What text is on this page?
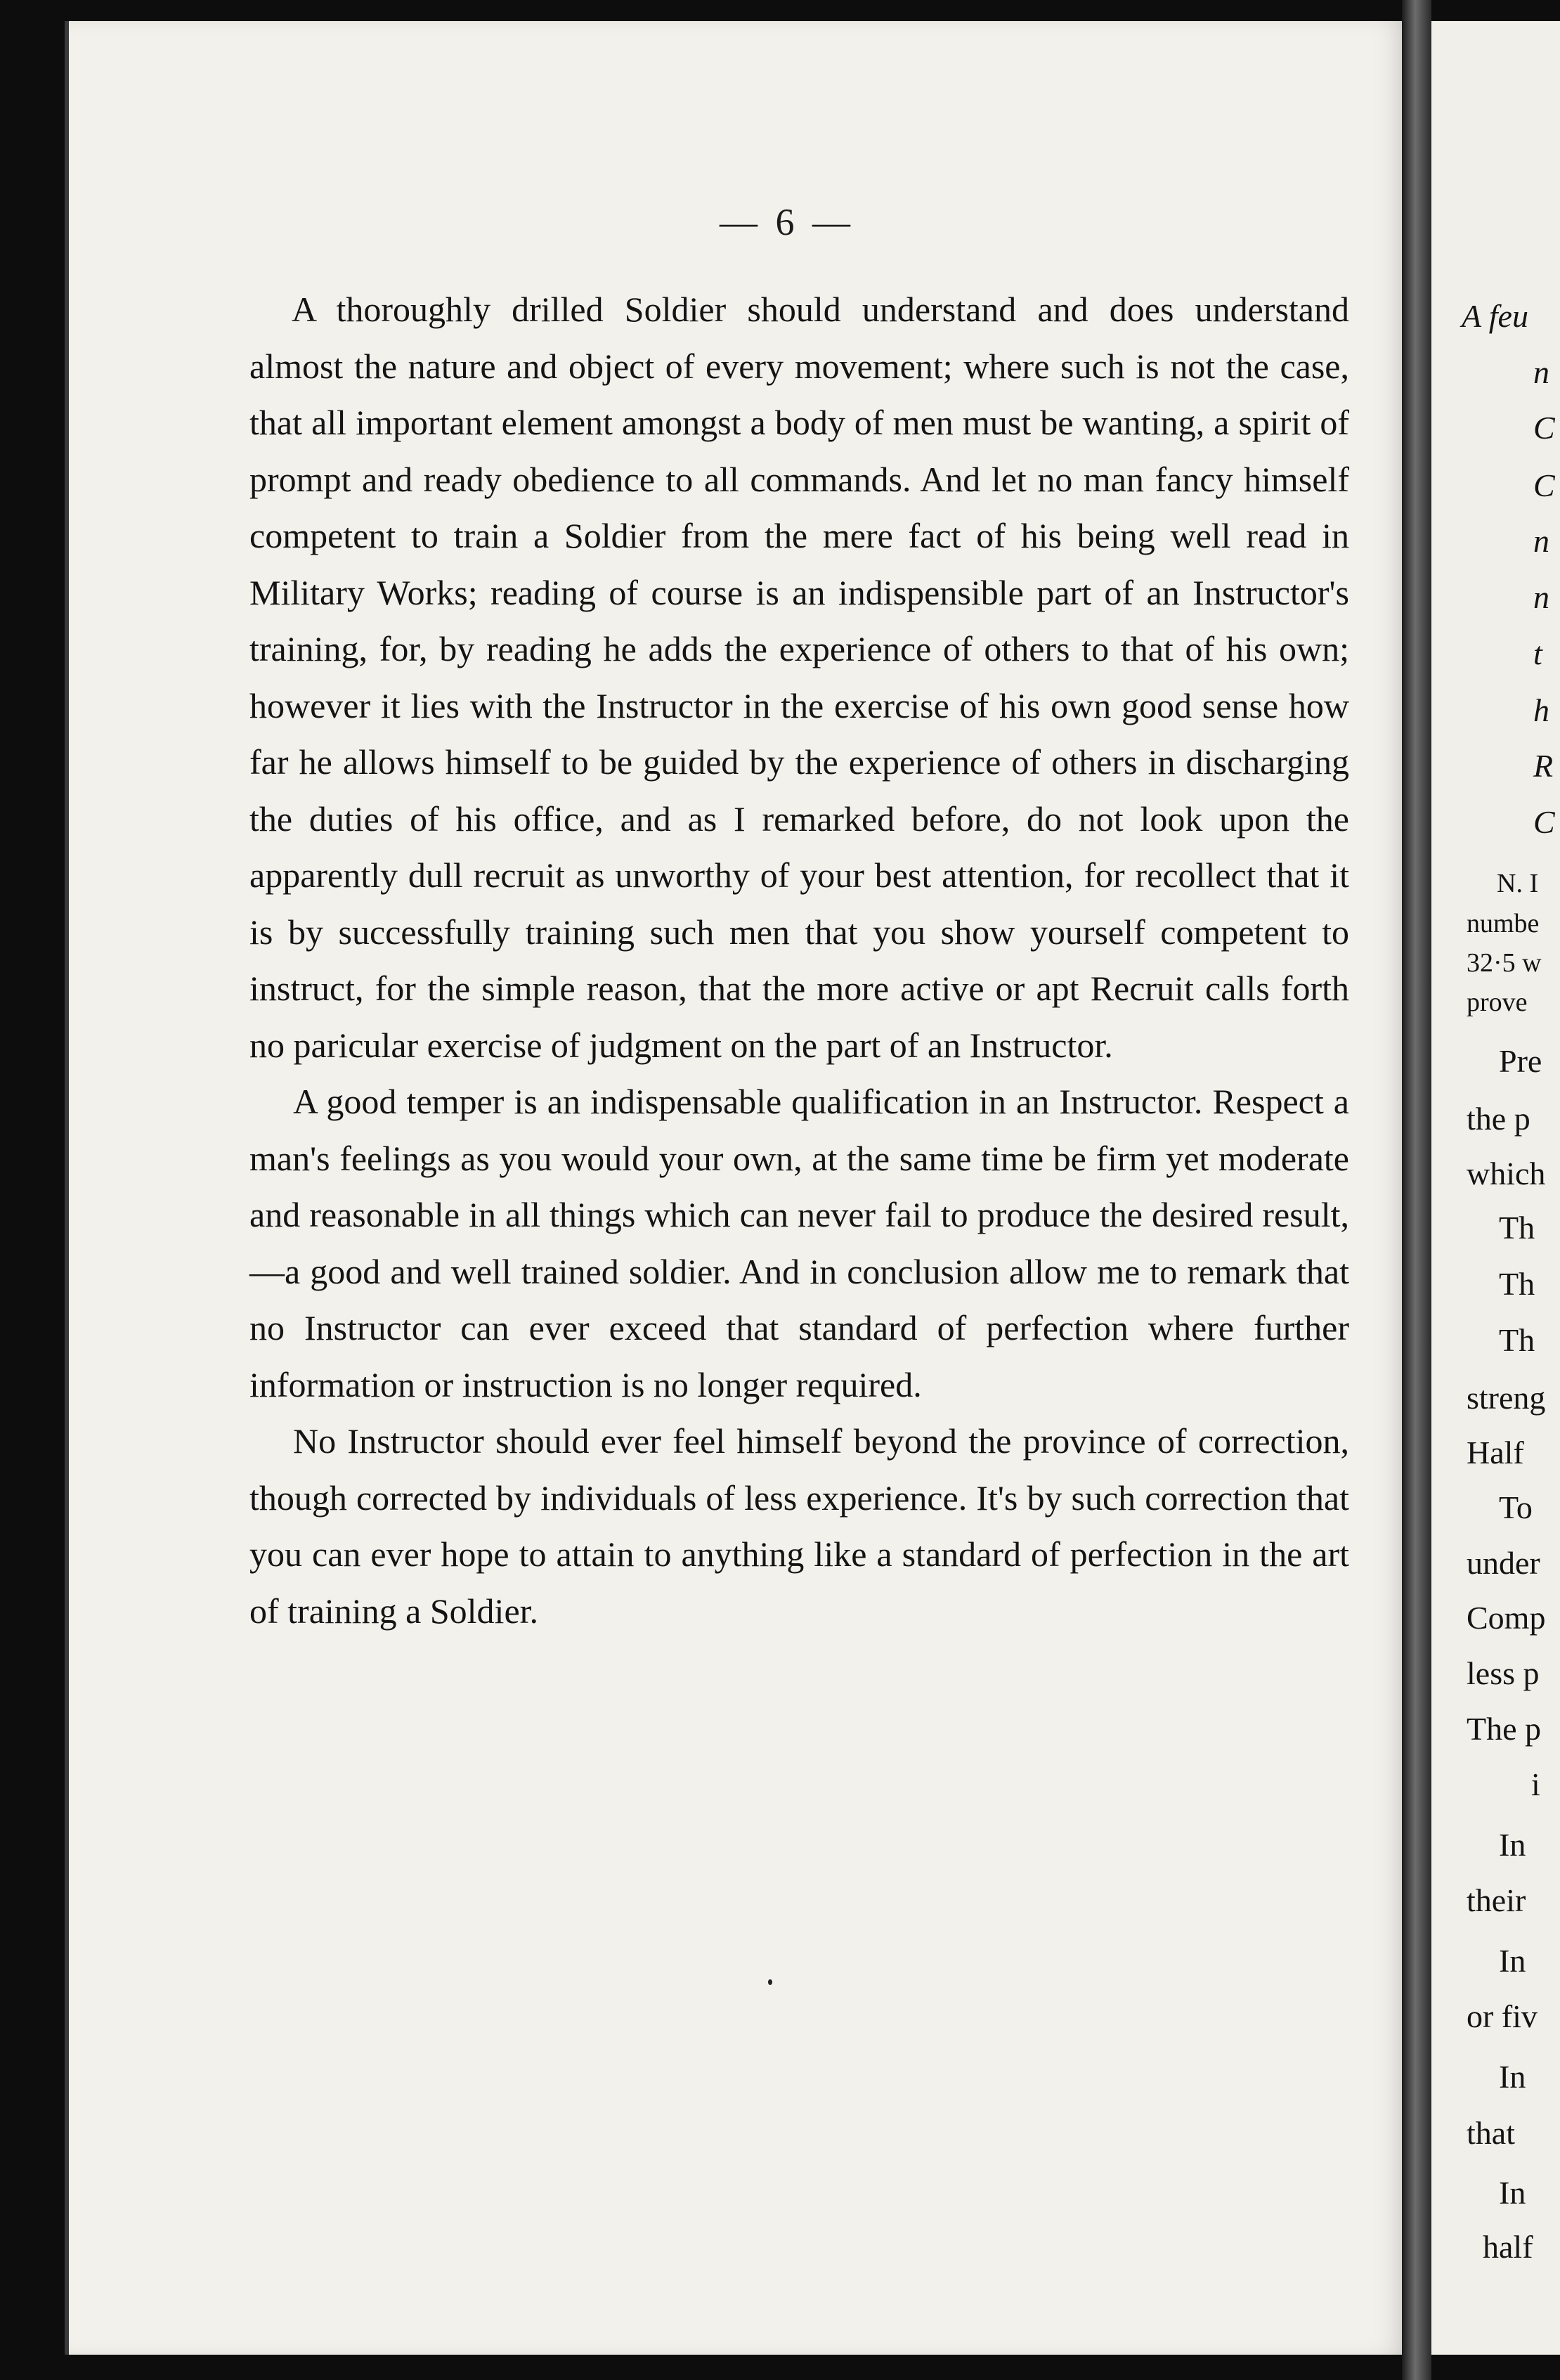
A feu
n
C
C
n
n
t
h
R
C
N. I
numbe
32·5 w
prove
Pre
the p
which
Th
Th
Th
streng
Half
To
under
Comp
less p
The p
i
In
their
In
or fiv
In
that
In
half
— 6 —

A thoroughly drilled Soldier should understand and does understand almost the nature and object of every movement; where such is not the case, that all important element amongst a body of men must be wanting, a spirit of prompt and ready obedience to all commands. And let no man fancy himself competent to train a Soldier from the mere fact of his being well read in Military Works; reading of course is an indispensible part of an Instructor's training, for, by reading he adds the experience of others to that of his own; however it lies with the Instructor in the exercise of his own good sense how far he allows himself to be guided by the experience of others in discharging the duties of his office, and as I remarked before, do not look upon the apparently dull recruit as unworthy of your best attention, for recollect that it is by successfully training such men that you show yourself competent to instruct, for the simple reason, that the more active or apt Recruit calls forth no paricular exercise of judgment on the part of an Instructor.

A good temper is an indispensable qualification in an Instructor. Respect a man's feelings as you would your own, at the same time be firm yet moderate and reasonable in all things which can never fail to produce the desired result,—a good and well trained soldier. And in conclusion allow me to remark that no Instructor can ever exceed that standard of perfection where further information or instruction is no longer required.

No Instructor should ever feel himself beyond the province of correction, though corrected by individuals of less experience. It's by such correction that you can ever hope to attain to anything like a standard of perfection in the art of training a Soldier.
